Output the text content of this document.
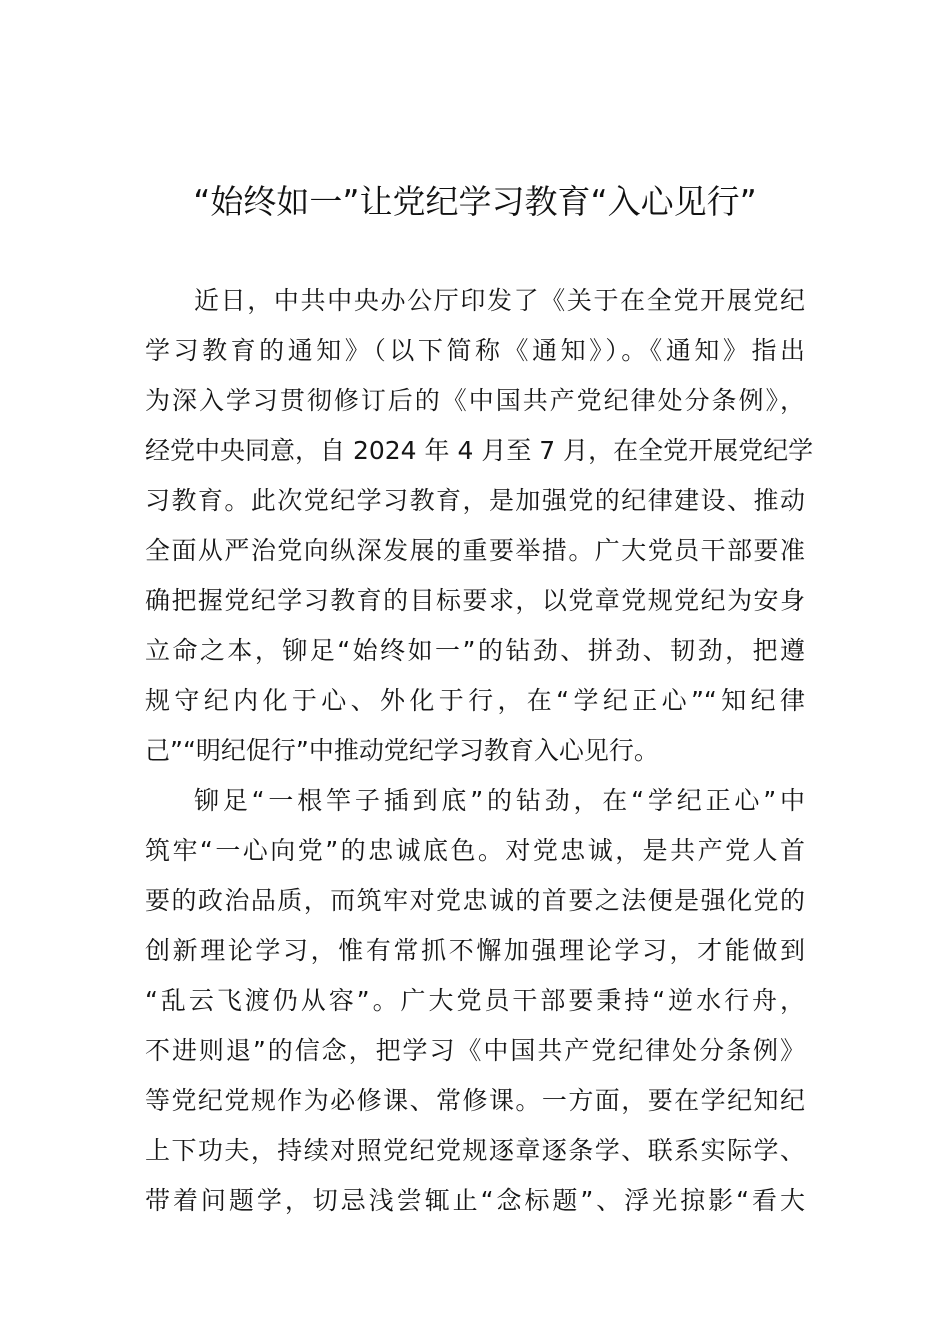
“始终如一”让党纪学习教育“入心见行”
近日，中共中央办公厅印发了《关于在全党开展党纪
学习教育的通知》（以下简称《通知》）。《通知》指出
为深入学习贯彻修订后的《中国共产党纪律处分条例》，
经党中央同意，自 2024 年 4 月至 7 月，在全党开展党纪学
习教育。此次党纪学习教育，是加强党的纪律建设、推动
全面从严治党向纵深发展的重要举措。广大党员干部要准
确把握党纪学习教育的目标要求，以党章党规党纪为安身
立命之本，铆足“始终如一”的钻劲、拼劲、韧劲，把遵
规守纪内化于心、外化于行，在“学纪正心”“知纪律
己”“明纪促行”中推动党纪学习教育入心见行。
铆足“一根竿子插到底”的钻劲，在“学纪正心”中
筑牢“一心向党”的忠诚底色。对党忠诚，是共产党人首
要的政治品质，而筑牢对党忠诚的首要之法便是强化党的
创新理论学习，惟有常抓不懈加强理论学习，才能做到
“乱云飞渡仍从容”。广大党员干部要秉持“逆水行舟，
不进则退”的信念，把学习《中国共产党纪律处分条例》
等党纪党规作为必修课、常修课。一方面，要在学纪知纪
上下功夫，持续对照党纪党规逐章逐条学、联系实际学、
带着问题学，切忌浅尝辄止“念标题”、浮光掠影“看大
